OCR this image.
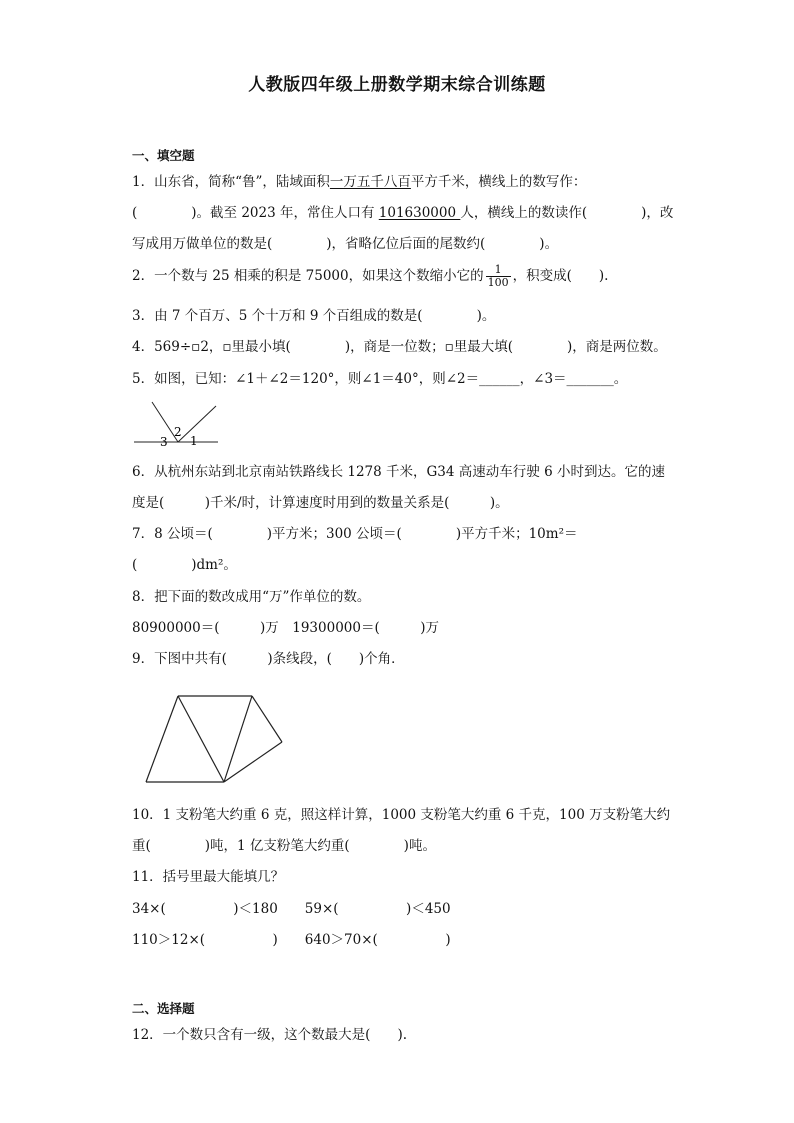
人教版四年级上册数学期末综合训练题
一、填空题
1．山东省，简称“鲁”，陆域面积一万五千八百平方千米，横线上的数写作：
(　　　　)。截至 2023 年，常住人口有 101630000 人，横线上的数读作(　　　　)，改
写成用万做单位的数是(　　　　)，省略亿位后面的尾数约(　　　　)。
2．一个数与 25 相乘的积是 75000，如果这个数缩小它的 $\frac{1}{100}$ ，积变成(　　).
3．由 7 个百万、5 个十万和 9 个百组成的数是(　　　　)。
4．569÷▫2，▫里最小填(　　　　)，商是一位数；▫里最大填(　　　　)，商是两位数。
5．如图，已知：∠1＋∠2＝120°，则∠1＝40°，则∠2＝______，∠3＝_______。
3
2
1
6．从杭州东站到北京南站铁路线长 1278 千米，G34 高速动车行驶 6 小时到达。它的速
度是(　　　)千米/时，计算速度时用到的数量关系是(　　　)。
7．8 公顷＝(　　　　)平方米；300 公顷＝(　　　　)平方千米；10m²＝
(　　　　)dm²。
8．把下面的数改成用“万”作单位的数。
80900000＝(　　　)万　19300000＝(　　　)万
9．下图中共有(　　　)条线段，(　　)个角．
10．1 支粉笔大约重 6 克，照这样计算，1000 支粉笔大约重 6 千克，100 万支粉笔大约
重(　　　　)吨，1 亿支粉笔大约重(　　　　)吨。
11．括号里最大能填几？
34×(　　　　　)＜180　　59×(　　　　　)＜450
110＞12×(　　　　　)　　640＞70×(　　　　　)
二、选择题
12．一个数只含有一级，这个数最大是(　　).
